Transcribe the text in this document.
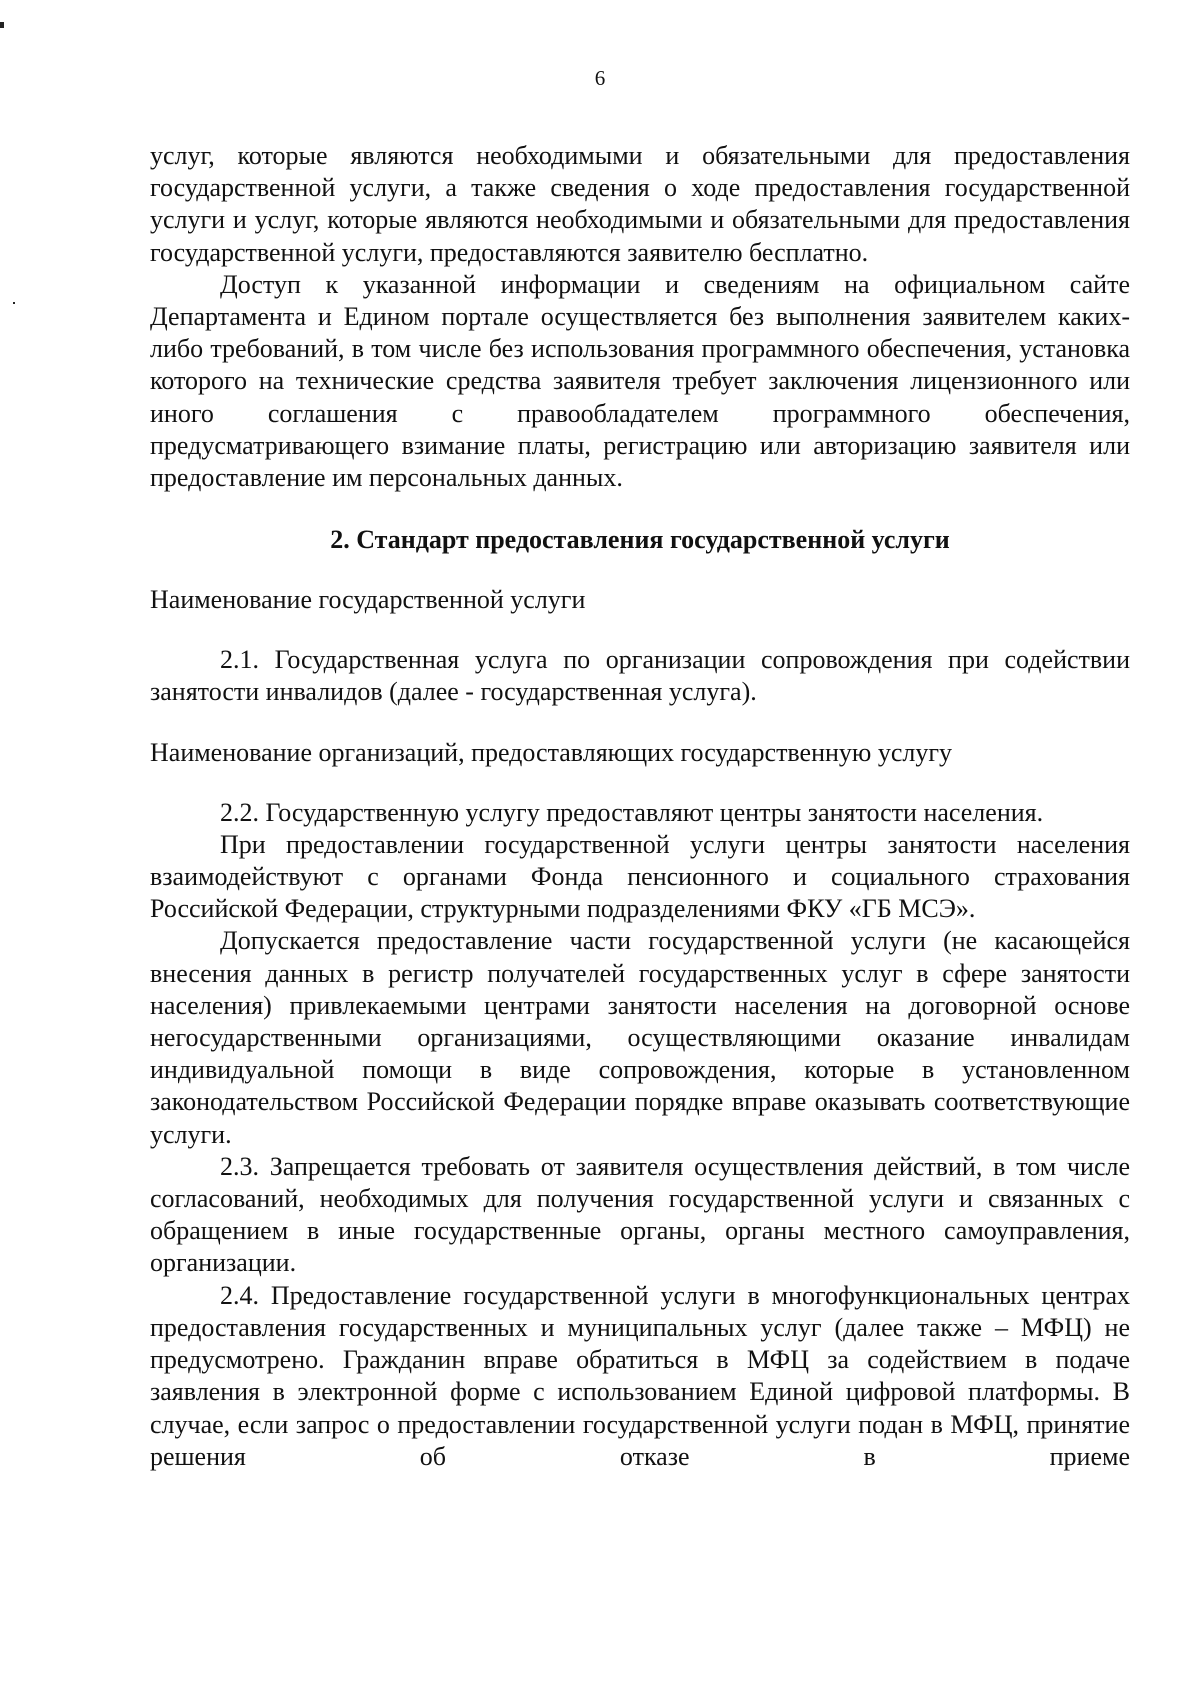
6

услуг, которые являются необходимыми и обязательными для предоставления государственной услуги, а также сведения о ходе предоставления государственной услуги и услуг, которые являются необходимыми и обязательными для предоставления государственной услуги, предоставляются заявителю бесплатно.

Доступ к указанной информации и сведениям на официальном сайте Департамента и Едином портале осуществляется без выполнения заявителем каких-либо требований, в том числе без использования программного обеспечения, установка которого на технические средства заявителя требует заключения лицензионного или иного соглашения с правообладателем программного обеспечения, предусматривающего взимание платы, регистрацию или авторизацию заявителя или предоставление им персональных данных.

2. Стандарт предоставления государственной услуги

Наименование государственной услуги

2.1. Государственная услуга по организации сопровождения при содействии занятости инвалидов (далее - государственная услуга).

Наименование организаций, предоставляющих государственную услугу

2.2. Государственную услугу предоставляют центры занятости населения.

При предоставлении государственной услуги центры занятости населения взаимодействуют с органами Фонда пенсионного и социального страхования Российской Федерации, структурными подразделениями ФКУ «ГБ МСЭ».

Допускается предоставление части государственной услуги (не касающейся внесения данных в регистр получателей государственных услуг в сфере занятости населения) привлекаемыми центрами занятости населения на договорной основе негосударственными организациями, осуществляющими оказание инвалидам индивидуальной помощи в виде сопровождения, которые в установленном законодательством Российской Федерации порядке вправе оказывать соответствующие услуги.

2.3. Запрещается требовать от заявителя осуществления действий, в том числе согласований, необходимых для получения государственной услуги и связанных с обращением в иные государственные органы, органы местного самоуправления, организации.

2.4. Предоставление государственной услуги в многофункциональных центрах предоставления государственных и муниципальных услуг (далее также – МФЦ) не предусмотрено. Гражданин вправе обратиться в МФЦ за содействием в подаче заявления в электронной форме с использованием Единой цифровой платформы. В случае, если запрос о предоставлении государственной услуги подан в МФЦ, принятие решения об отказе в приеме
